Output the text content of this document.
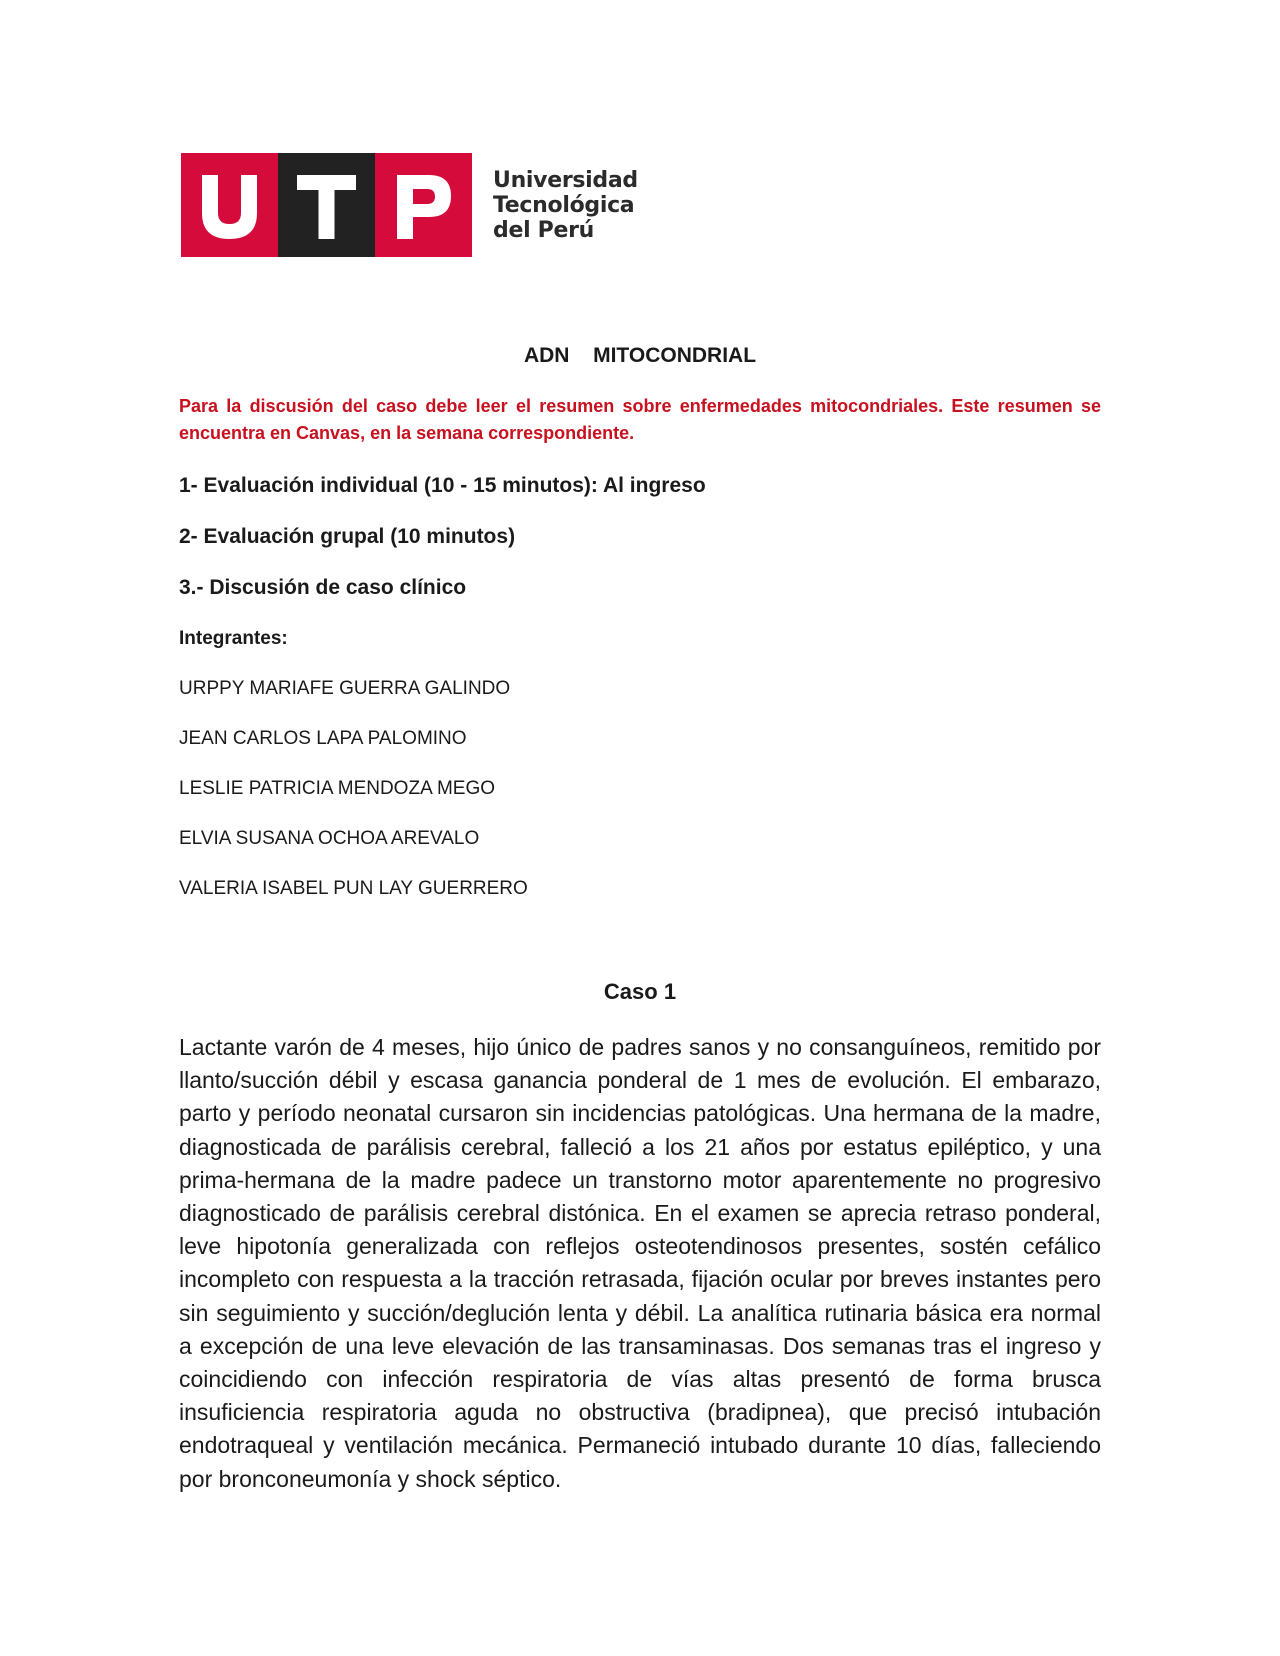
Universidad
Tecnológica
del Perú
ADN  MITOCONDRIAL
Para la discusión del caso debe leer el resumen sobre enfermedades mitocondriales. Este resumen se encuentra en Canvas, en la semana correspondiente.
1- Evaluación individual (10 - 15 minutos): Al ingreso
2- Evaluación grupal (10 minutos)
3.- Discusión de caso clínico
Integrantes:
URPPY MARIAFE GUERRA GALINDO
JEAN CARLOS LAPA PALOMINO
LESLIE PATRICIA MENDOZA MEGO
ELVIA SUSANA OCHOA AREVALO
VALERIA ISABEL PUN LAY GUERRERO
Caso 1
Lactante varón de 4 meses, hijo único de padres sanos y no consanguíneos, remitido por llanto/succión débil y escasa ganancia ponderal de 1 mes de evolución. El embarazo, parto y período neonatal cursaron sin incidencias patológicas. Una hermana de la madre, diagnosticada de parálisis cerebral, falleció a los 21 años por estatus epiléptico, y una prima-hermana de la madre padece un transtorno motor aparentemente no progresivo diagnosticado de parálisis cerebral distónica. En el examen se aprecia retraso ponderal, leve hipotonía generalizada con reflejos osteotendinosos presentes, sostén cefálico incompleto con respuesta a la tracción retrasada, fijación ocular por breves instantes pero sin seguimiento y succión/deglución lenta y débil. La analítica rutinaria básica era normal a excepción de una leve elevación de las transaminasas. Dos semanas tras el ingreso y coincidiendo con infección respiratoria de vías altas presentó de forma brusca insuficiencia respiratoria aguda no obstructiva (bradipnea), que precisó intubación endotraqueal y ventilación mecánica. Permaneció intubado durante 10 días, falleciendo por bronconeumonía y shock séptico.
